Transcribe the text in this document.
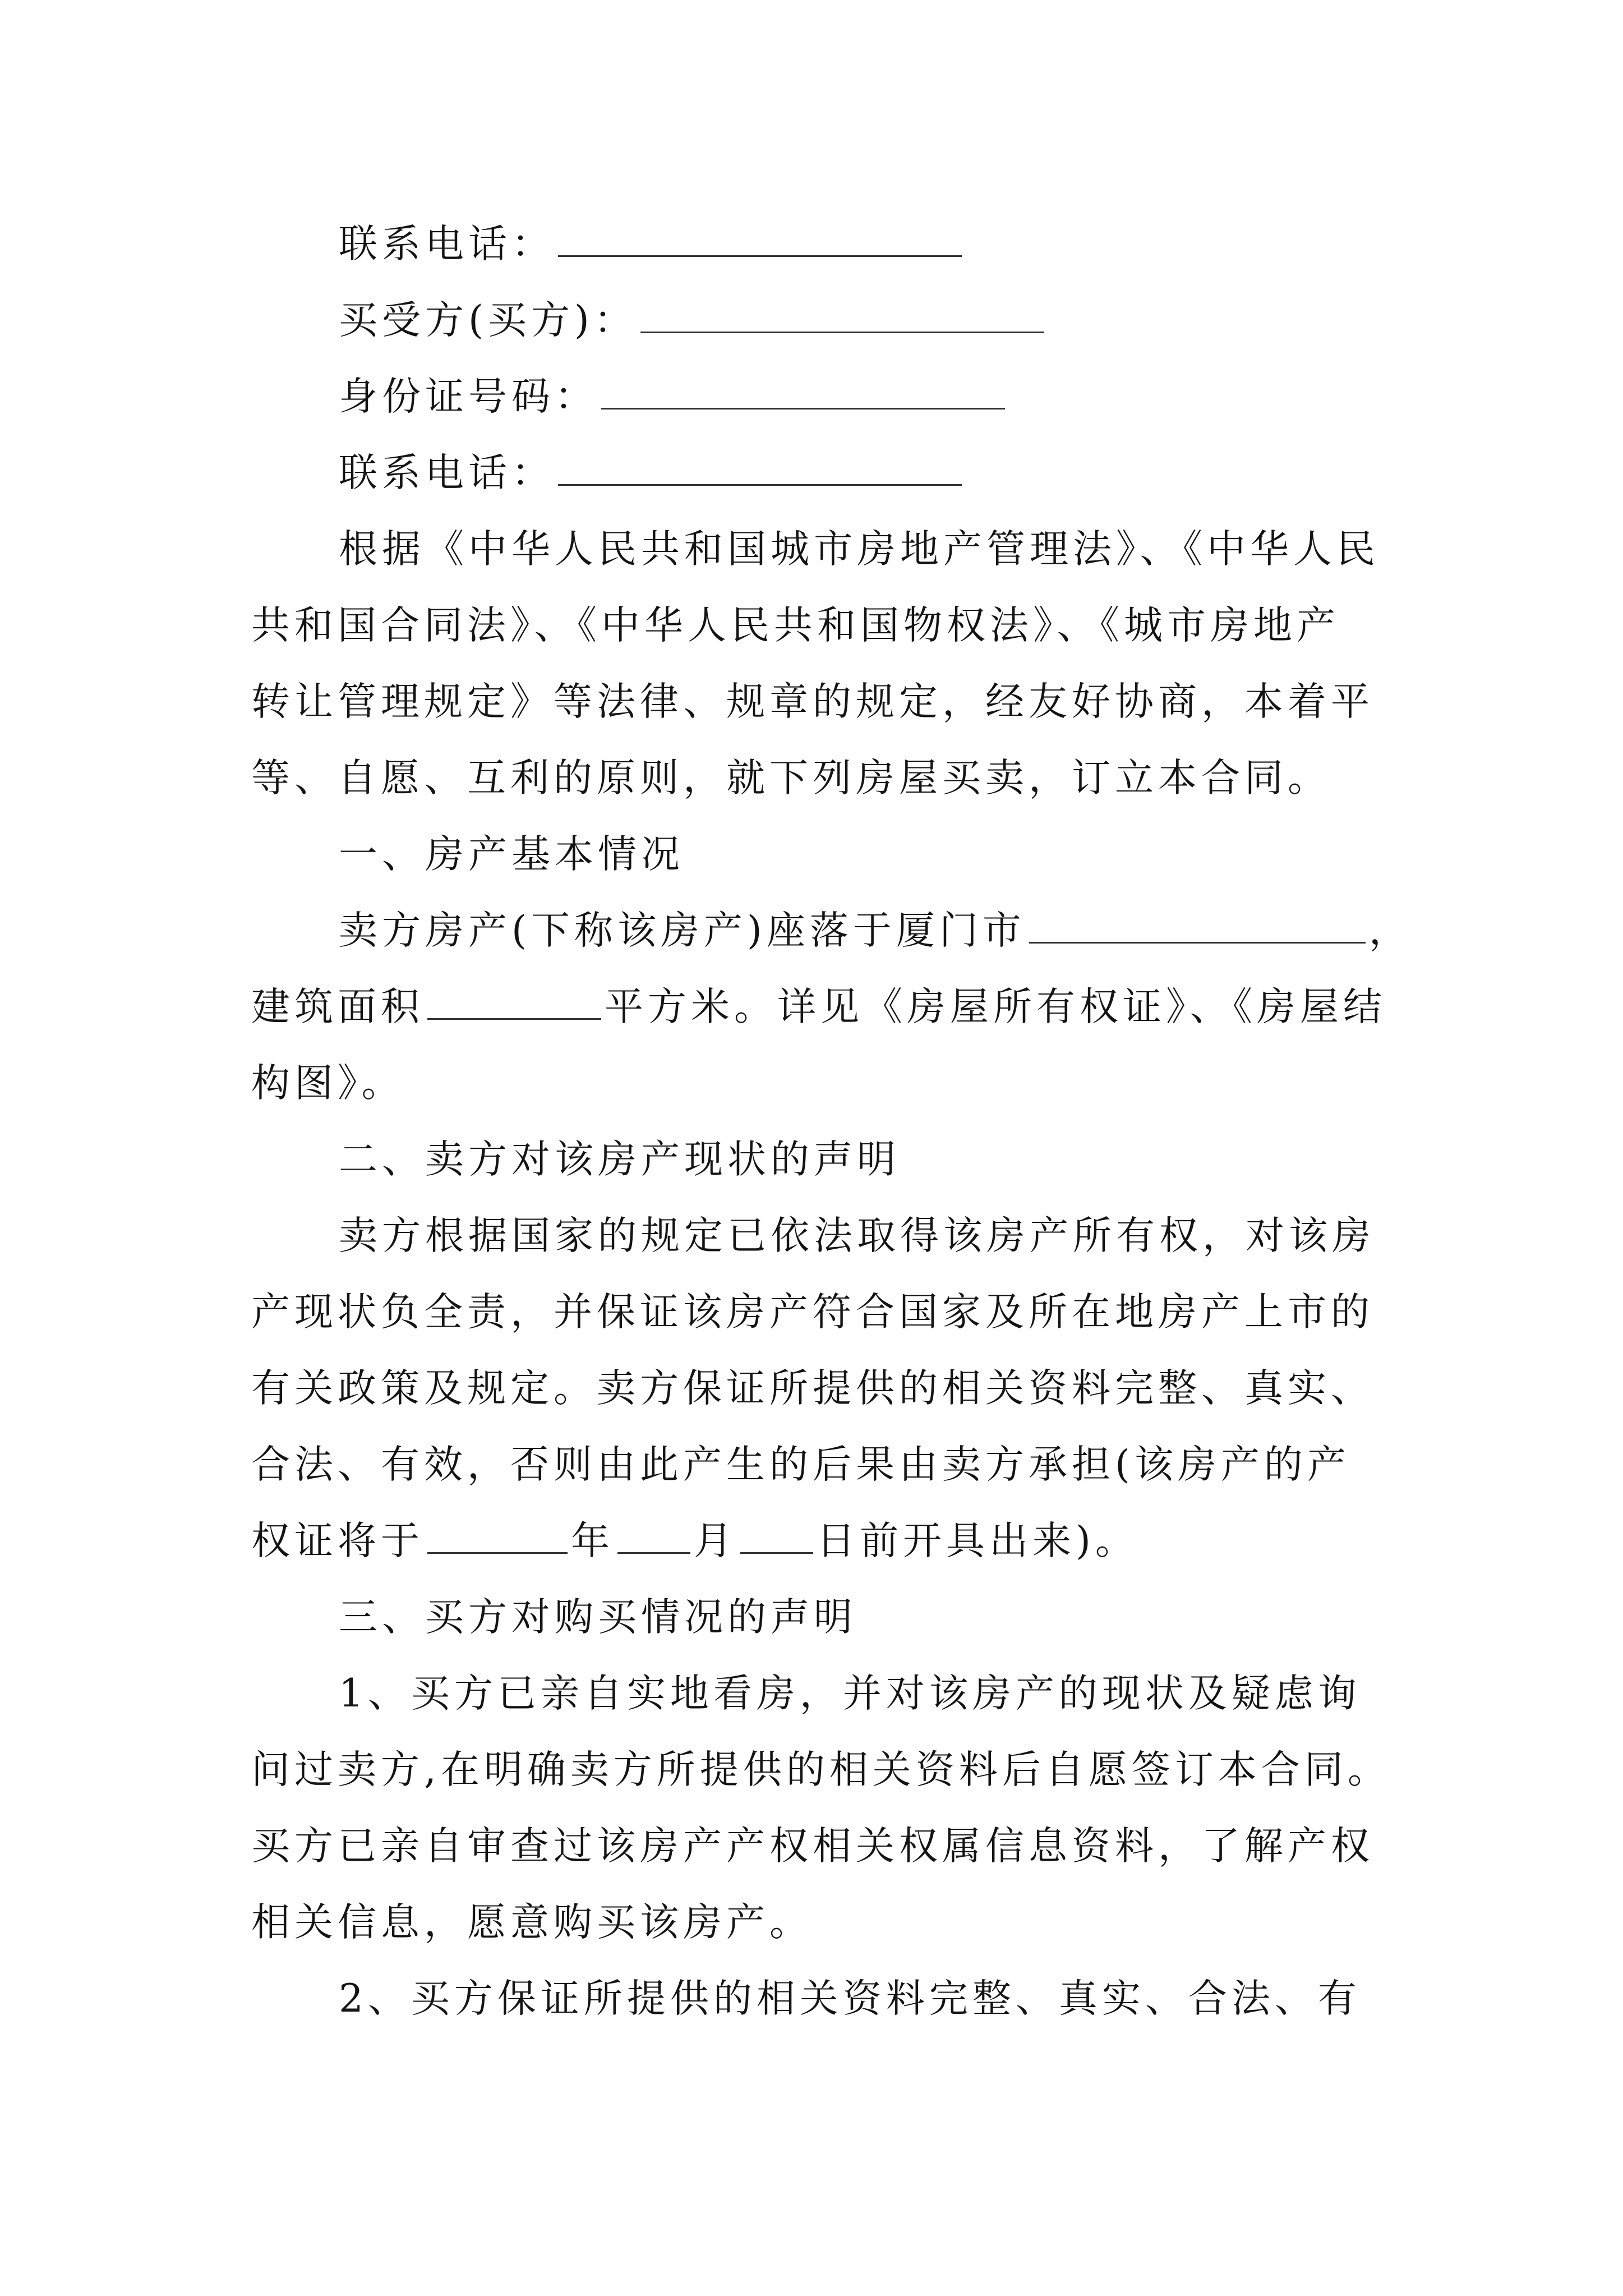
联系电话：
买受方(买方)：
身份证号码：
联系电话：
根据《中华人民共和国城市房地产管理法》、《中华人民
共和国合同法》、《中华人民共和国物权法》、《城市房地产
转让管理规定》等法律、规章的规定，经友好协商，本着平
等、自愿、互利的原则，就下列房屋买卖，订立本合同。
一、房产基本情况
卖方房产(下称该房产)座落于厦门市	，
建筑面积	平方米。详见《房屋所有权证》、《房屋结
构图》。
二、卖方对该房产现状的声明
卖方根据国家的规定已依法取得该房产所有权，对该房
产现状负全责，并保证该房产符合国家及所在地房产上市的
有关政策及规定。卖方保证所提供的相关资料完整、真实、
合法、有效，否则由此产生的后果由卖方承担(该房产的产
权证将于	年 月 日前开具出来)。
三、买方对购买情况的声明
1、买方已亲自实地看房，并对该房产的现状及疑虑询
问过卖方,在明确卖方所提供的相关资料后自愿签订本合同。
买方已亲自审查过该房产产权相关权属信息资料，了解产权
相关信息，愿意购买该房产。
2、买方保证所提供的相关资料完整、真实、合法、有
